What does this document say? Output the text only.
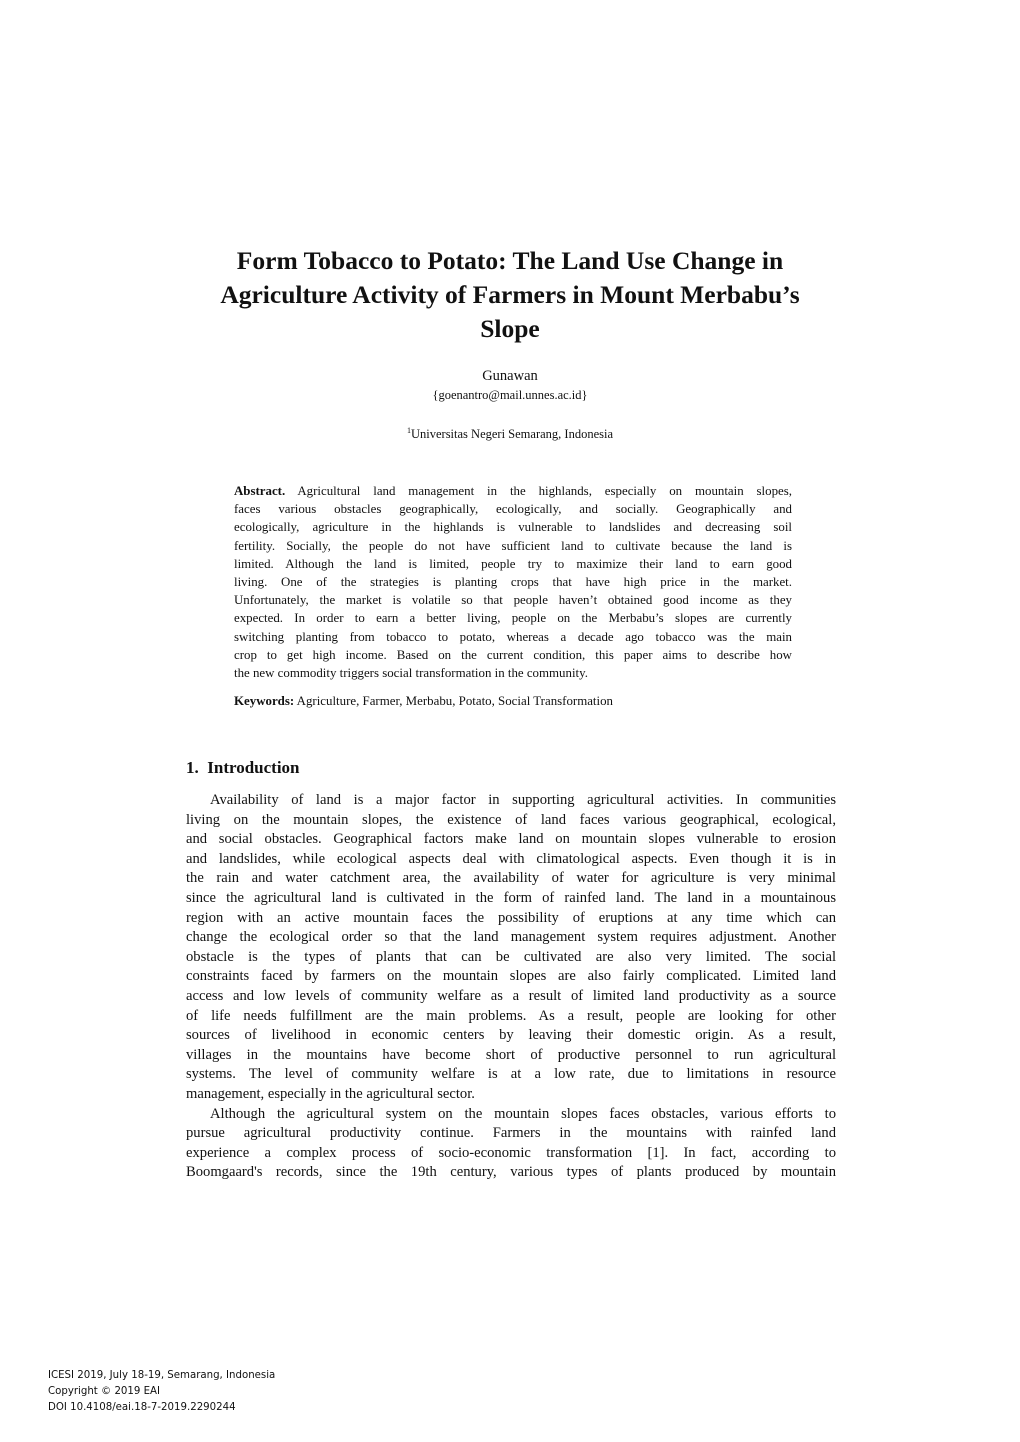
Form Tobacco to Potato: The Land Use Change in
Agriculture Activity of Farmers in Mount Merbabu’s
Slope
Gunawan
{goenantro@mail.unnes.ac.id}
$^1$Universitas Negeri Semarang, Indonesia
Abstract. Agricultural land management in the highlands, especially on mountain slopes,
faces various obstacles geographically, ecologically, and socially. Geographically and
ecologically, agriculture in the highlands is vulnerable to landslides and decreasing soil
fertility. Socially, the people do not have sufficient land to cultivate because the land is
limited. Although the land is limited, people try to maximize their land to earn good
living. One of the strategies is planting crops that have high price in the market.
Unfortunately, the market is volatile so that people haven’t obtained good income as they
expected. In order to earn a better living, people on the Merbabu’s slopes are currently
switching planting from tobacco to potato, whereas a decade ago tobacco was the main
crop to get high income. Based on the current condition, this paper aims to describe how
the new commodity triggers social transformation in the community.
Keywords: Agriculture, Farmer, Merbabu, Potato, Social Transformation
1. Introduction
Availability of land is a major factor in supporting agricultural activities. In communities
living on the mountain slopes, the existence of land faces various geographical, ecological,
and social obstacles. Geographical factors make land on mountain slopes vulnerable to erosion
and landslides, while ecological aspects deal with climatological aspects. Even though it is in
the rain and water catchment area, the availability of water for agriculture is very minimal
since the agricultural land is cultivated in the form of rainfed land. The land in a mountainous
region with an active mountain faces the possibility of eruptions at any time which can
change the ecological order so that the land management system requires adjustment. Another
obstacle is the types of plants that can be cultivated are also very limited. The social
constraints faced by farmers on the mountain slopes are also fairly complicated. Limited land
access and low levels of community welfare as a result of limited land productivity as a source
of life needs fulfillment are the main problems. As a result, people are looking for other
sources of livelihood in economic centers by leaving their domestic origin. As a result,
villages in the mountains have become short of productive personnel to run agricultural
systems. The level of community welfare is at a low rate, due to limitations in resource
management, especially in the agricultural sector.
Although the agricultural system on the mountain slopes faces obstacles, various efforts to
pursue agricultural productivity continue. Farmers in the mountains with rainfed land
experience a complex process of socio-economic transformation [1]. In fact, according to
Boomgaard's records, since the 19th century, various types of plants produced by mountain
ICESI 2019, July 18-19, Semarang, Indonesia
Copyright © 2019 EAI
DOI 10.4108/eai.18-7-2019.2290244
